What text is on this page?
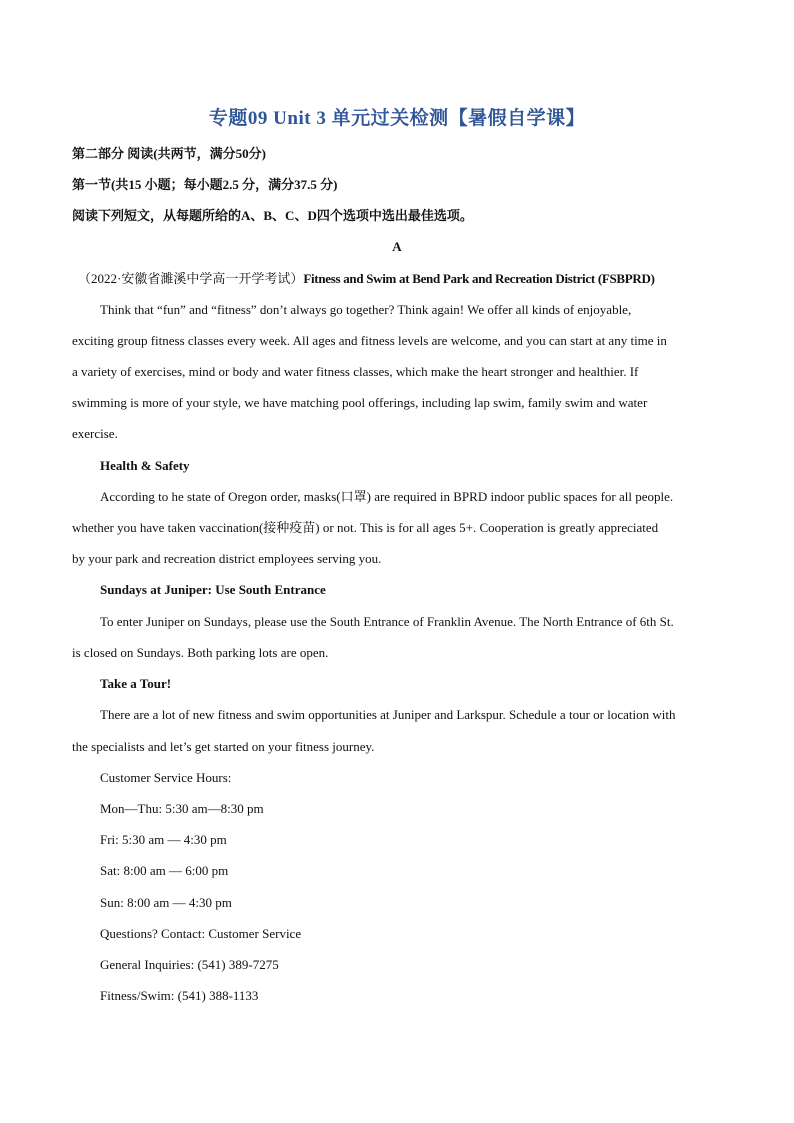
专题09 Unit 3 单元过关检测【暑假自学课】
第二部分 阅读(共两节，满分50分)
第一节(共15 小题；每小题2.5 分，满分37.5 分)
阅读下列短文，从每题所给的A、B、C、D四个选项中选出最佳选项。
A
（2022·安徽省濉溪中学高一开学考试）Fitness and Swim at Bend Park and Recreation District (FSBPRD)
Think that “fun” and “fitness” don’t always go together? Think again! We offer all kinds of enjoyable,
exciting group fitness classes every week. All ages and fitness levels are welcome, and you can start at any time in
a variety of exercises, mind or body and water fitness classes, which make the heart stronger and healthier. If
swimming is more of your style, we have matching pool offerings, including lap swim, family swim and water
exercise.
Health & Safety
According to he state of Oregon order, masks(口罩) are required in BPRD indoor public spaces for all people.
whether you have taken vaccination(接种疫苗) or not. This is for all ages 5+. Cooperation is greatly appreciated
by your park and recreation district employees serving you.
Sundays at Juniper: Use South Entrance
To enter Juniper on Sundays, please use the South Entrance of Franklin Avenue. The North Entrance of 6th St.
is closed on Sundays. Both parking lots are open.
Take a Tour!
There are a lot of new fitness and swim opportunities at Juniper and Larkspur. Schedule a tour or location with
the specialists and let’s get started on your fitness journey.
Customer Service Hours:
Mon—Thu: 5:30 am—8:30 pm
Fri: 5:30 am — 4:30 pm
Sat: 8:00 am — 6:00 pm
Sun: 8:00 am — 4:30 pm
Questions? Contact: Customer Service
General Inquiries: (541) 389-7275
Fitness/Swim: (541) 388-1133
